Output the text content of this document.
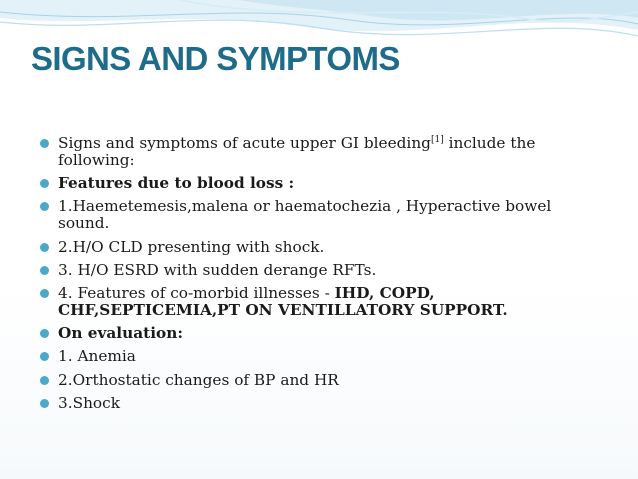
SIGNS AND SYMPTOMS
Signs and symptoms of acute upper GI bleeding[1] include the following:
Features due to blood loss :
1.Haemetemesis,malena or haematochezia , Hyperactive bowel sound.
2.H/O CLD presenting with shock.
3. H/O ESRD with sudden derange RFTs.
4. Features of co-morbid illnesses - IHD, COPD, CHF,SEPTICEMIA,PT ON VENTILLATORY SUPPORT.
On evaluation:
1. Anemia
2.Orthostatic changes of BP and HR
3.Shock
